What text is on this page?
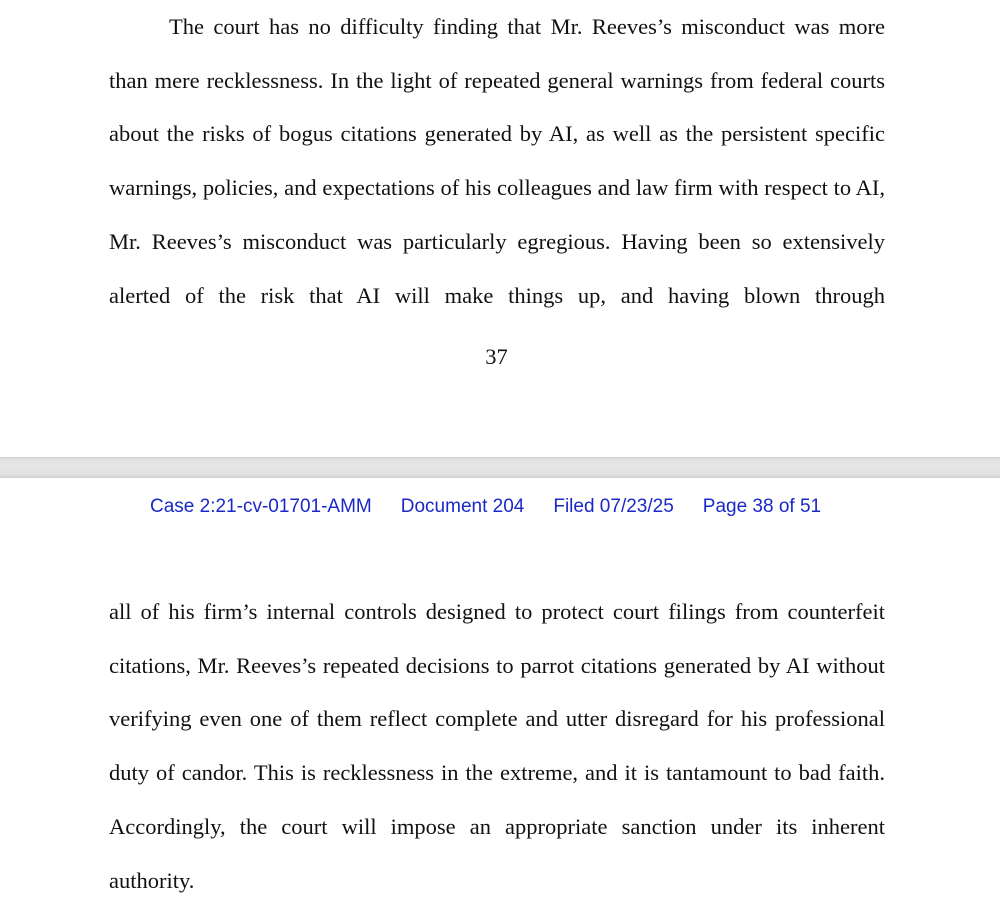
The court has no difficulty finding that Mr. Reeves’s misconduct was more than mere recklessness. In the light of repeated general warnings from federal courts about the risks of bogus citations generated by AI, as well as the persistent specific warnings, policies, and expectations of his colleagues and law firm with respect to AI, Mr. Reeves’s misconduct was particularly egregious. Having been so extensively alerted of the risk that AI will make things up, and having blown through

37

Case 2:21-cv-01701-AMM Document 204 Filed 07/23/25 Page 38 of 51

all of his firm’s internal controls designed to protect court filings from counterfeit citations, Mr. Reeves’s repeated decisions to parrot citations generated by AI without verifying even one of them reflect complete and utter disregard for his professional duty of candor. This is recklessness in the extreme, and it is tantamount to bad faith. Accordingly, the court will impose an appropriate sanction under its inherent authority.
